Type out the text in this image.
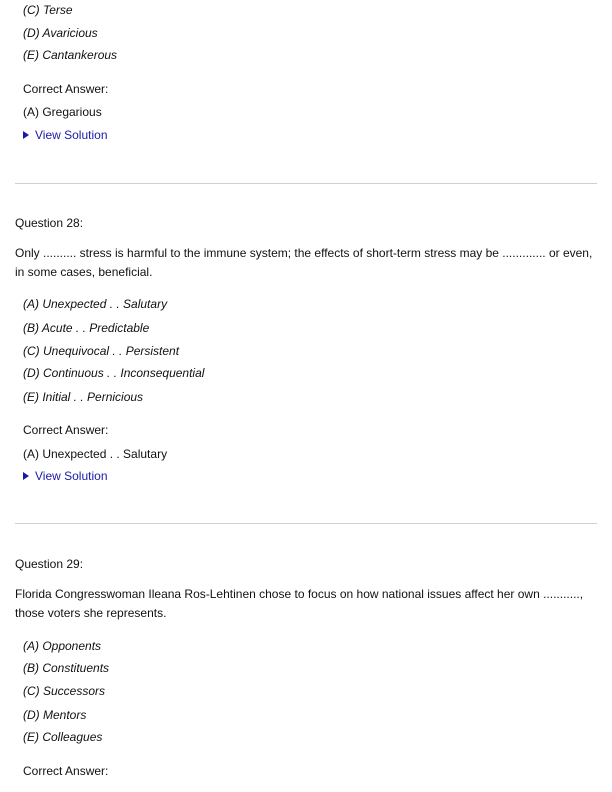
(C) Terse
(D) Avaricious
(E) Cantankerous
Correct Answer:
(A) Gregarious
View Solution
Question 28:
Only .......... stress is harmful to the immune system; the effects of short-term stress may be ............. or even,
in some cases, beneficial.
(A) Unexpected . . Salutary
(B) Acute . . Predictable
(C) Unequivocal . . Persistent
(D) Continuous . . Inconsequential
(E) Initial . . Pernicious
Correct Answer:
(A) Unexpected . . Salutary
View Solution
Question 29:
Florida Congresswoman Ileana Ros-Lehtinen chose to focus on how national issues affect her own ...........,
those voters she represents.
(A) Opponents
(B) Constituents
(C) Successors
(D) Mentors
(E) Colleagues
Correct Answer:
